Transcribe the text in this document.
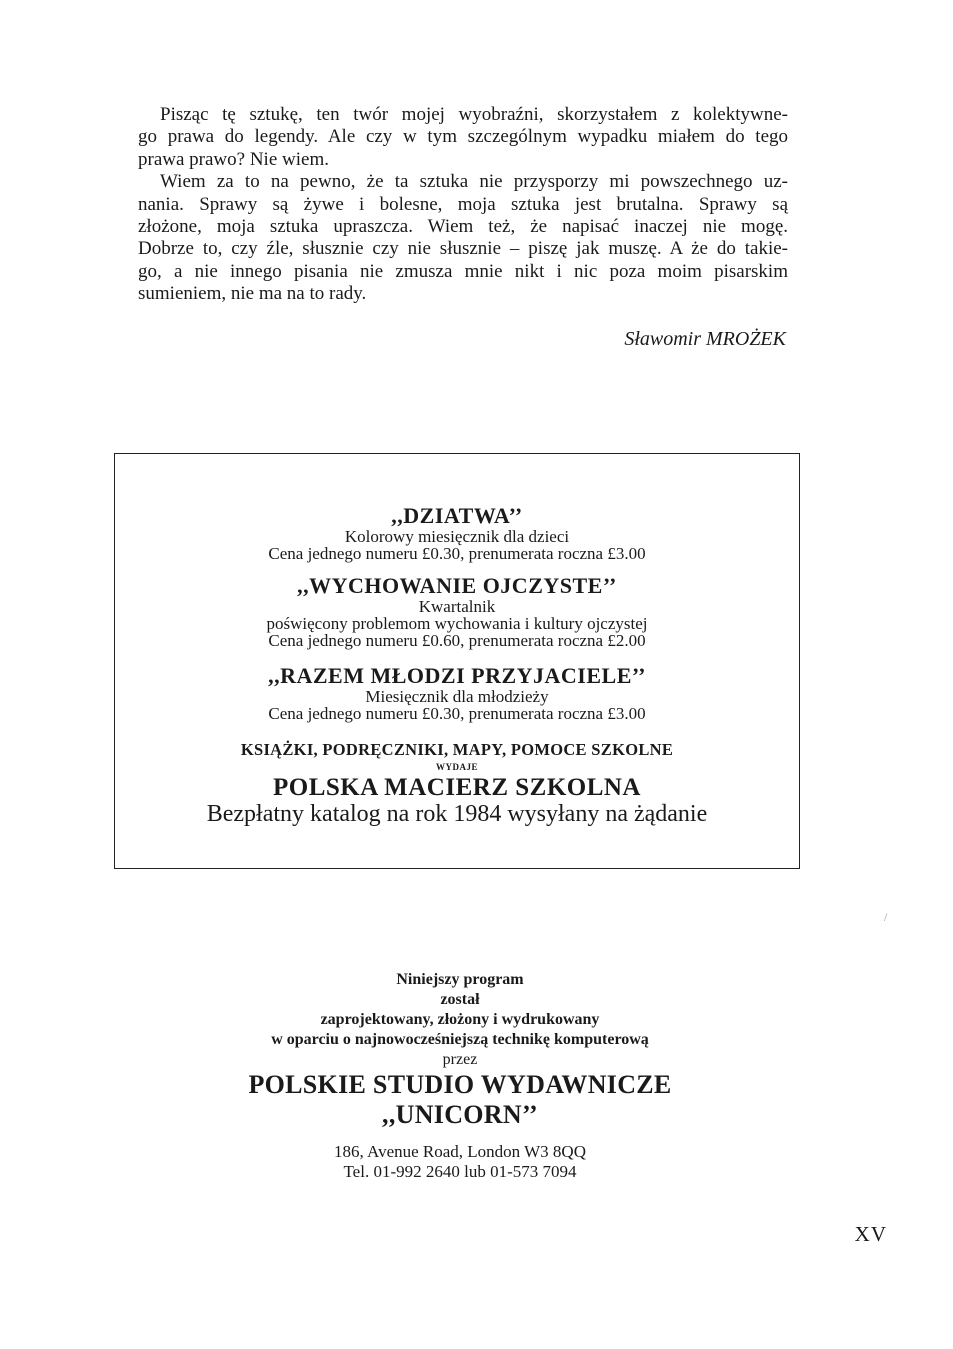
Pisząc tę sztukę, ten twór mojej wyobraźni, skorzystałem z kolektywne-
go prawa do legendy. Ale czy w tym szczególnym wypadku miałem do tego
prawa prawo? Nie wiem.
Wiem za to na pewno, że ta sztuka nie przysporzy mi powszechnego uz-
nania. Sprawy są żywe i bolesne, moja sztuka jest brutalna. Sprawy są
złożone, moja sztuka upraszcza. Wiem też, że napisać inaczej nie mogę.
Dobrze to, czy źle, słusznie czy nie słusznie – piszę jak muszę. A że do takie-
go, a nie innego pisania nie zmusza mnie nikt i nic poza moim pisarskim
sumieniem, nie ma na to rady.
Sławomir MROŻEK
,,DZIATWA’’
Kolorowy miesięcznik dla dzieci
Cena jednego numeru £0.30, prenumerata roczna £3.00
,,WYCHOWANIE OJCZYSTE’’
Kwartalnik
poświęcony problemom wychowania i kultury ojczystej
Cena jednego numeru £0.60, prenumerata roczna £2.00
,,RAZEM MŁODZI PRZYJACIELE’’
Miesięcznik dla młodzieży
Cena jednego numeru £0.30, prenumerata roczna £3.00
KSIĄŻKI, PODRĘCZNIKI, MAPY, POMOCE SZKOLNE
WYDAJE
POLSKA MACIERZ SZKOLNA
Bezpłatny katalog na rok 1984 wysyłany na żądanie
Niniejszy program
został
zaprojektowany, złożony i wydrukowany
w oparciu o najnowocześniejszą technikę komputerową
przez
POLSKIE STUDIO WYDAWNICZE
,,UNICORN’’
186, Avenue Road, London W3 8QQ
Tel. 01-992 2640 lub 01-573 7094
XV
/
